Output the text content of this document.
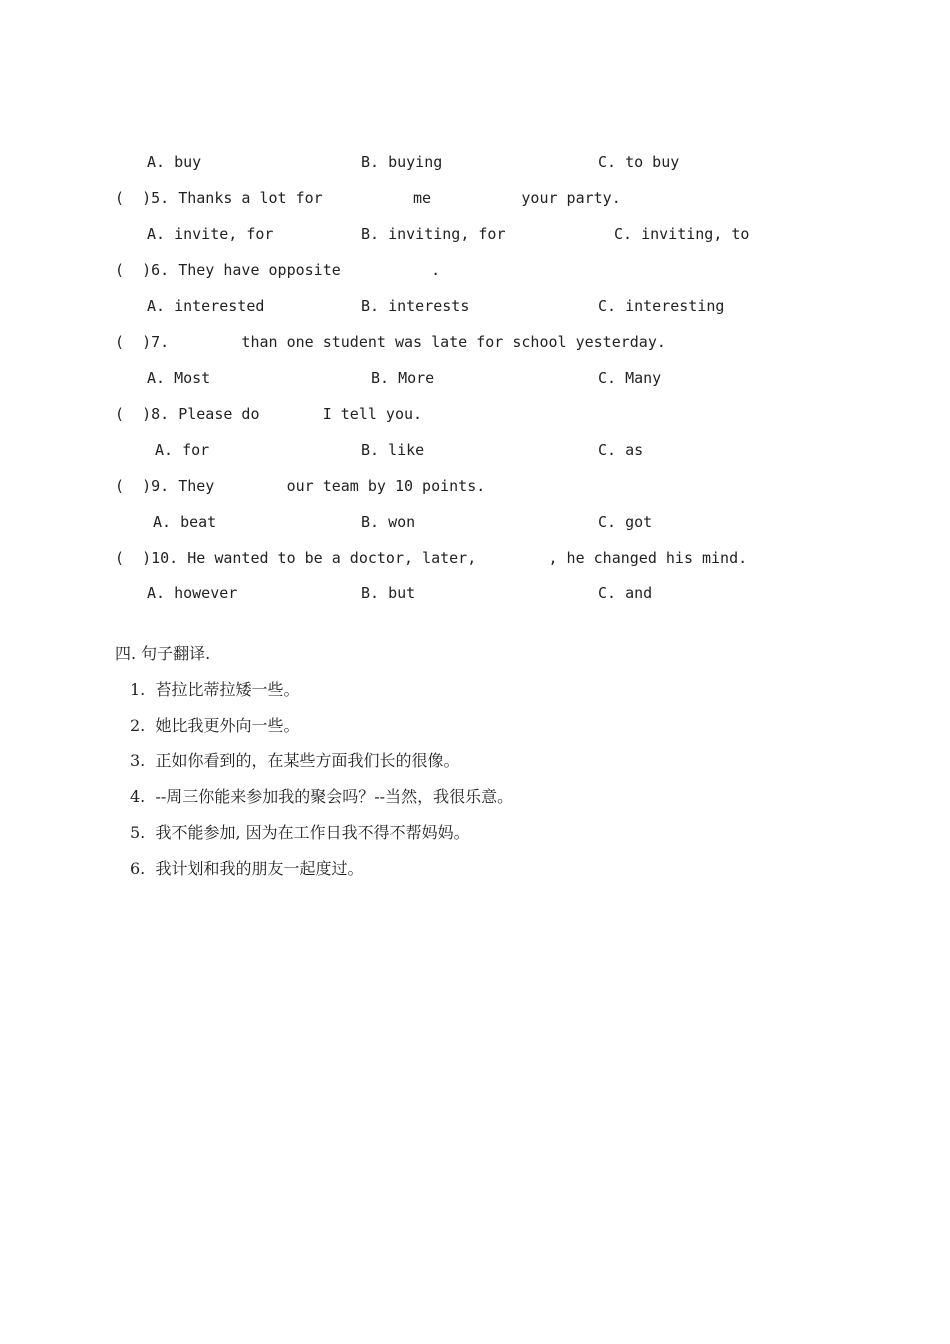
A. buy	B. buying	C. to buy
(  )5. Thanks a lot for          me          your party.
A. invite, for	B. inviting, for	C. inviting, to
(  )6. They have opposite          .
A. interested	B. interests	C. interesting
(  )7.        than one student was late for school yesterday.
A. Most	B. More	C. Many
(  )8. Please do       I tell you.
A. for	B. like	C. as
(  )9. They        our team by 10 points.
A. beat	B. won	C. got
(  )10. He wanted to be a doctor, later,        , he changed his mind.
A. however	B. but	C. and
四. 句子翻译.
1.  苔拉比蒂拉矮一些。
2.  她比我更外向一些。
3.  正如你看到的，在某些方面我们长的很像。
4.  --周三你能来参加我的聚会吗？--当然，我很乐意。
5.  我不能参加, 因为在工作日我不得不帮妈妈。
6.  我计划和我的朋友一起度过。
